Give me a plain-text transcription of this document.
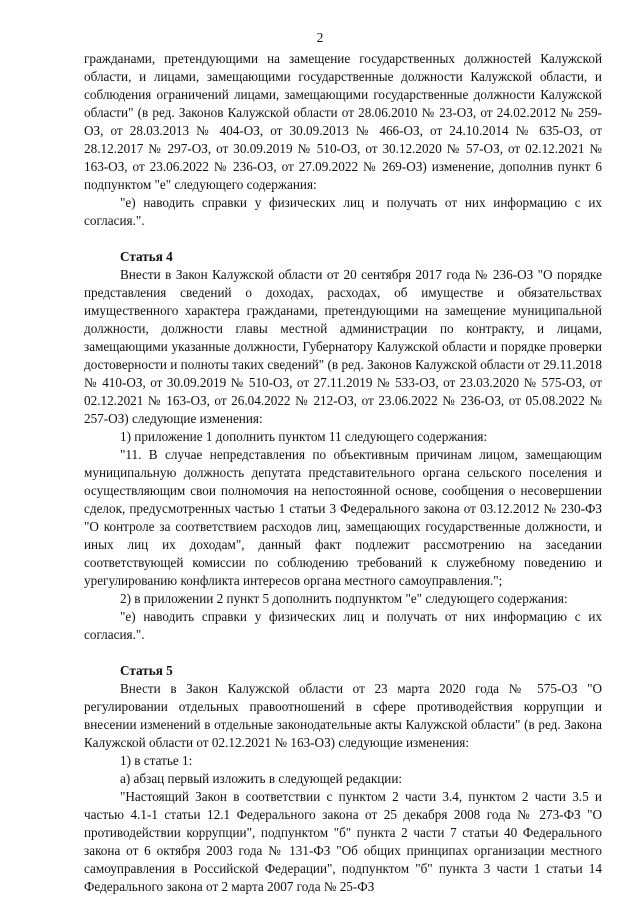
2

гражданами, претендующими на замещение государственных должностей Калужской области, и лицами, замещающими государственные должности Калужской области, и соблюдения ограничений лицами, замещающими государственные должности Калужской области" (в ред. Законов Калужской области от 28.06.2010 № 23-ОЗ, от 24.02.2012 № 259-ОЗ, от 28.03.2013 № 404-ОЗ, от 30.09.2013 № 466-ОЗ, от 24.10.2014 № 635-ОЗ, от 28.12.2017 № 297-ОЗ, от 30.09.2019 № 510-ОЗ, от 30.12.2020 № 57-ОЗ, от 02.12.2021 № 163-ОЗ, от 23.06.2022 № 236-ОЗ, от 27.09.2022 № 269-ОЗ) изменение, дополнив пункт 6 подпунктом "е" следующего содержания:

"е) наводить справки у физических лиц и получать от них информацию с их согласия.".

Статья 4

Внести в Закон Калужской области от 20 сентября 2017 года № 236-ОЗ "О порядке представления сведений о доходах, расходах, об имуществе и обязательствах имущественного характера гражданами, претендующими на замещение муниципальной должности, должности главы местной администрации по контракту, и лицами, замещающими указанные должности, Губернатору Калужской области и порядке проверки достоверности и полноты таких сведений" (в ред. Законов Калужской области от 29.11.2018 № 410-ОЗ, от 30.09.2019 № 510-ОЗ, от 27.11.2019 № 533-ОЗ, от 23.03.2020 № 575-ОЗ, от 02.12.2021 № 163-ОЗ, от 26.04.2022 № 212-ОЗ, от 23.06.2022 № 236-ОЗ, от 05.08.2022 № 257-ОЗ) следующие изменения:

1) приложение 1 дополнить пунктом 11 следующего содержания:

"11. В случае непредставления по объективным причинам лицом, замещающим муниципальную должность депутата представительного органа сельского поселения и осуществляющим свои полномочия на непостоянной основе, сообщения о несовершении сделок, предусмотренных частью 1 статьи 3 Федерального закона от 03.12.2012 № 230-ФЗ "О контроле за соответствием расходов лиц, замещающих государственные должности, и иных лиц их доходам", данный факт подлежит рассмотрению на заседании соответствующей комиссии по соблюдению требований к служебному поведению и урегулированию конфликта интересов органа местного самоуправления.";

2) в приложении 2 пункт 5 дополнить подпунктом "е" следующего содержания:

"е) наводить справки у физических лиц и получать от них информацию с их согласия.".

Статья 5

Внести в Закон Калужской области от 23 марта 2020 года № 575-ОЗ "О регулировании отдельных правоотношений в сфере противодействия коррупции и внесении изменений в отдельные законодательные акты Калужской области" (в ред. Закона Калужской области от 02.12.2021 № 163-ОЗ) следующие изменения:

1) в статье 1:

а) абзац первый изложить в следующей редакции:

"Настоящий Закон в соответствии с пунктом 2 части 3.4, пунктом 2 части 3.5 и частью 4.1-1 статьи 12.1 Федерального закона от 25 декабря 2008 года № 273-ФЗ "О противодействии коррупции", подпунктом "б" пункта 2 части 7 статьи 40 Федерального закона от 6 октября 2003 года № 131-ФЗ "Об общих принципах организации местного самоуправления в Российской Федерации", подпунктом "б" пункта 3 части 1 статьи 14 Федерального закона от 2 марта 2007 года № 25-ФЗ
